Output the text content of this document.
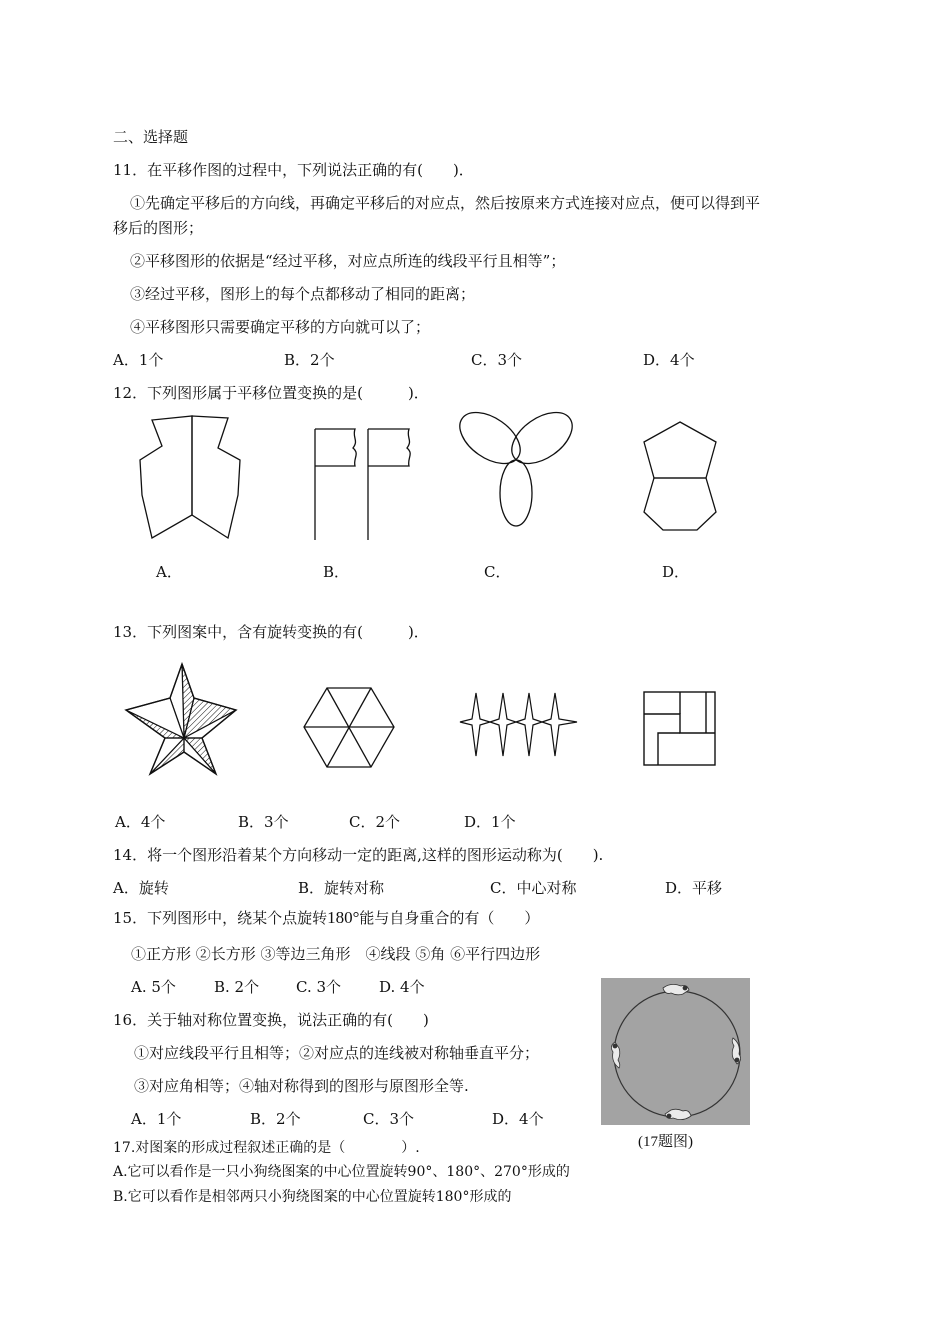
二、选择题
11．在平移作图的过程中，下列说法正确的有(　　)．
①先确定平移后的方向线，再确定平移后的对应点，然后按原来方式连接对应点，便可以得到平
移后的图形；
②平移图形的依据是“经过平移，对应点所连的线段平行且相等”；
③经过平移，图形上的每个点都移动了相同的距离；
④平移图形只需要确定平移的方向就可以了；
A．1个	B．2个	C．3个	D．4个
12．下列图形属于平移位置变换的是(　　　)．
A．	B．	C．	D．
13．下列图案中，含有旋转变换的有(　　　)．
A．4个	B．3个	C．2个	D．1个
14．将一个图形沿着某个方向移动一定的距离,这样的图形运动称为(　　).
A．旋转	B．旋转对称	C．中心对称	D．平移
15．下列图形中，绕某个点旋转180°能与自身重合的有（　　）
①正方形 ②长方形 ③等边三角形　④线段 ⑤角 ⑥平行四边形
A. 5个	B. 2个 C. 3个	D. 4个
16．关于轴对称位置变换，说法正确的有(　　)
①对应线段平行且相等；②对应点的连线被对称轴垂直平分；
③对应角相等；④轴对称得到的图形与原图形全等.
A．1个	B．2个	C．3个	D．4个
(17题图)
17.对图案的形成过程叙述正确的是（　　　　）.
A.它可以看作是一只小狗绕图案的中心位置旋转90°、180°、270°形成的
B.它可以看作是相邻两只小狗绕图案的中心位置旋转180°形成的
